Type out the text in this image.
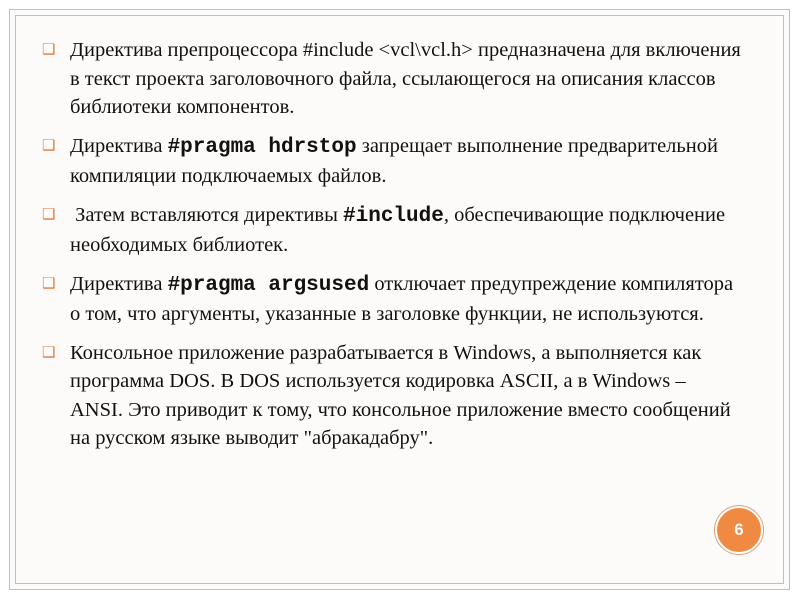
❑ Директива препроцессора #include <vcl\vcl.h> предназначена для включения в текст проекта заголовочного файла, ссылающегося на описания классов библиотеки компонентов.
❑ Директива #pragma hdrstop запрещает выполнение предварительной компиляции подключаемых файлов.
❑ Затем вставляются директивы #include, обеспечивающие подключение необходимых библиотек.
❑ Директива #pragma argsused отключает предупреждение компилятора о том, что аргументы, указанные в заголовке функции, не используются.
❑ Консольное приложение разрабатывается в Windows, а выполняется как программа DOS. В DOS используется кодировка ASCII, а в Windows – ANSI. Это приводит к тому, что консольное приложение вместо сообщений на русском языке выводит "абракадабру".
6
